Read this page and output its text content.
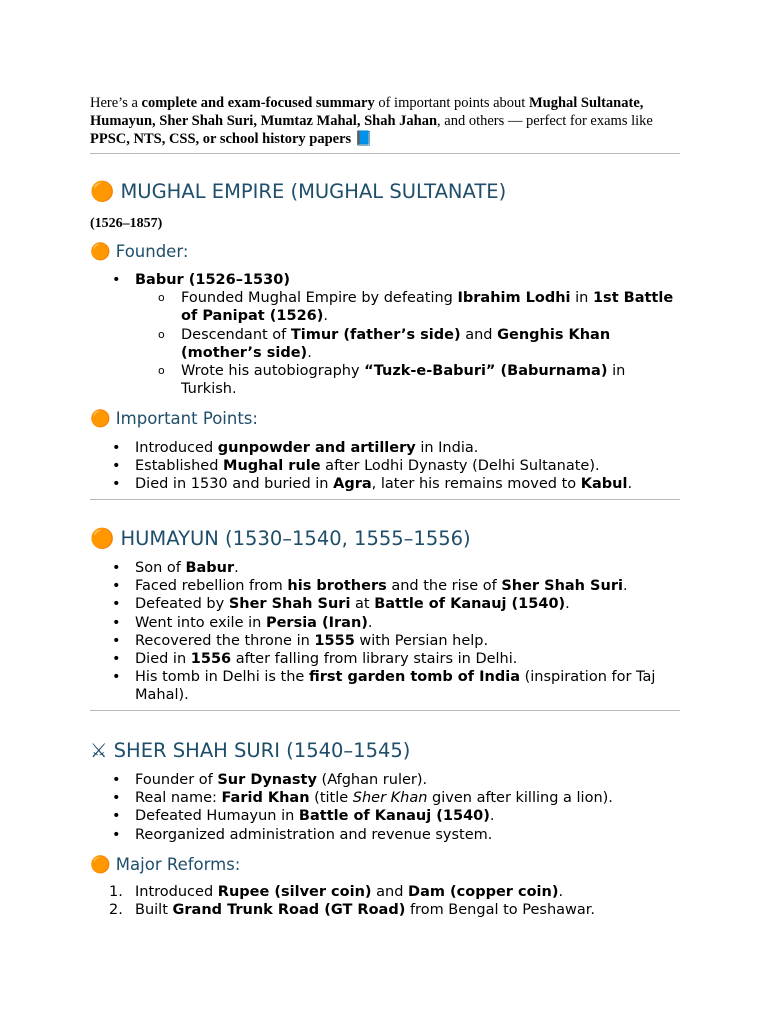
Here’s a complete and exam-focused summary of important points about Mughal Sultanate, Humayun, Sher Shah Suri, Mumtaz Mahal, Shah Jahan, and others — perfect for exams like PPSC, NTS, CSS, or school history papers 📘

🟠 MUGHAL EMPIRE (MUGHAL SULTANATE)

(1526–1857)

🟠 Founder:
• Babur (1526–1530)
o Founded Mughal Empire by defeating Ibrahim Lodhi in 1st Battle of Panipat (1526).
o Descendant of Timur (father’s side) and Genghis Khan (mother’s side).
o Wrote his autobiography “Tuzk-e-Baburi” (Baburnama) in Turkish.
🟠 Important Points:
• Introduced gunpowder and artillery in India.
• Established Mughal rule after Lodhi Dynasty (Delhi Sultanate).
• Died in 1530 and buried in Agra, later his remains moved to Kabul.
🟠 HUMAYUN (1530–1540, 1555–1556)
• Son of Babur.
• Faced rebellion from his brothers and the rise of Sher Shah Suri.
• Defeated by Sher Shah Suri at Battle of Kanauj (1540).
• Went into exile in Persia (Iran).
• Recovered the throne in 1555 with Persian help.
• Died in 1556 after falling from library stairs in Delhi.
• His tomb in Delhi is the first garden tomb of India (inspiration for Taj Mahal).
⚔ SHER SHAH SURI (1540–1545)
• Founder of Sur Dynasty (Afghan ruler).
• Real name: Farid Khan (title Sher Khan given after killing a lion).
• Defeated Humayun in Battle of Kanauj (1540).
• Reorganized administration and revenue system.
🟠 Major Reforms:
1. Introduced Rupee (silver coin) and Dam (copper coin).
2. Built Grand Trunk Road (GT Road) from Bengal to Peshawar.
